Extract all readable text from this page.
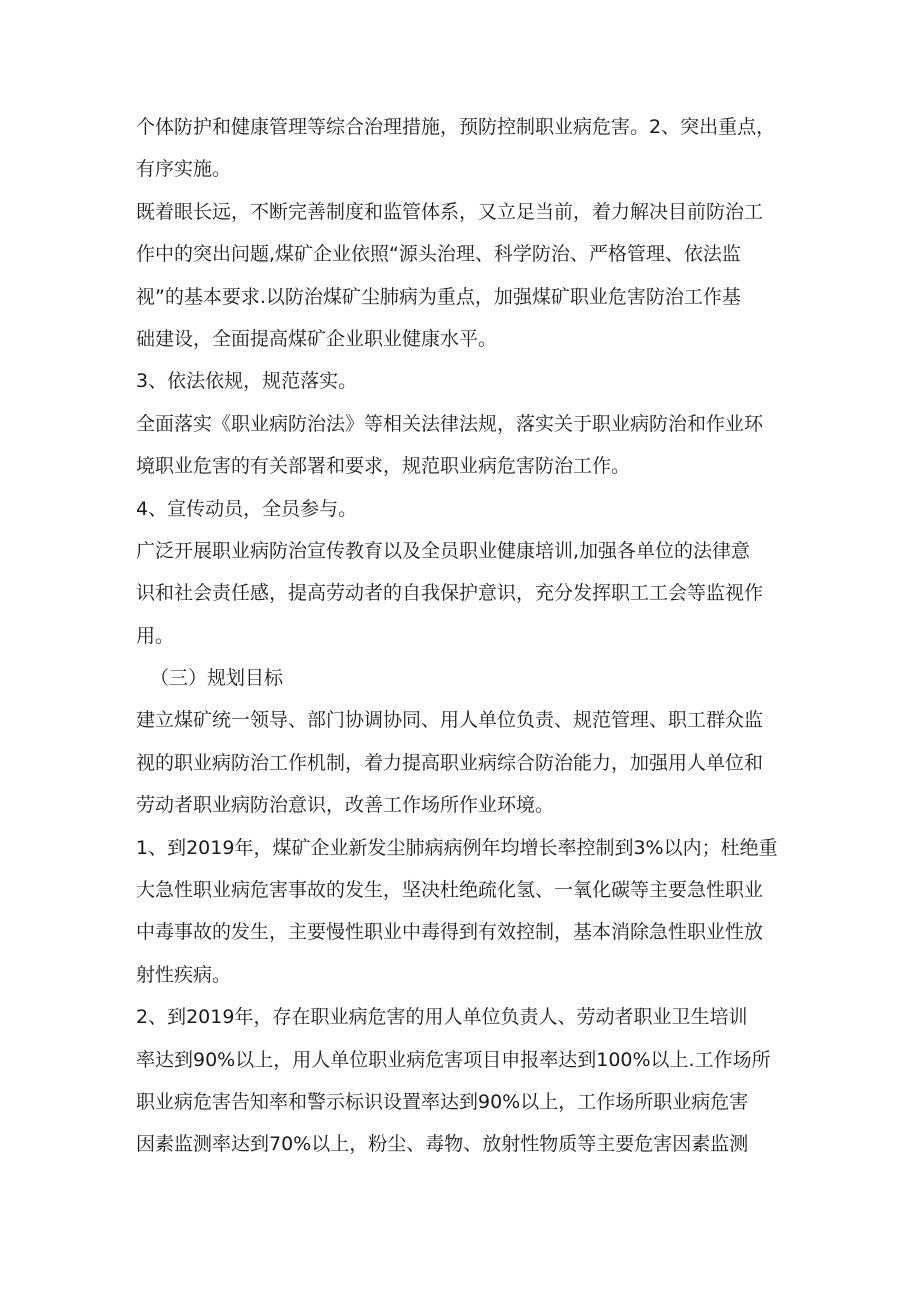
个体防护和健康管理等综合治理措施，预防控制职业病危害。2、突出重点，
有序实施。
既着眼长远，不断完善制度和监管体系，又立足当前，着力解决目前防治工
作中的突出问题,煤矿企业依照“源头治理、科学防治、严格管理、依法监
视”的基本要求.以防治煤矿尘肺病为重点，加强煤矿职业危害防治工作基
础建设，全面提高煤矿企业职业健康水平。
3、依法依规，规范落实。
全面落实《职业病防治法》等相关法律法规，落实关于职业病防治和作业环
境职业危害的有关部署和要求，规范职业病危害防治工作。
4、宣传动员，全员参与。
广泛开展职业病防治宣传教育以及全员职业健康培训,加强各单位的法律意
识和社会责任感，提高劳动者的自我保护意识，充分发挥职工工会等监视作
用。
（三）规划目标
建立煤矿统一领导、部门协调协同、用人单位负责、规范管理、职工群众监
视的职业病防治工作机制，着力提高职业病综合防治能力，加强用人单位和
劳动者职业病防治意识，改善工作场所作业环境。
1、到2019年，煤矿企业新发尘肺病病例年均增长率控制到3%以内；杜绝重
大急性职业病危害事故的发生，坚决杜绝疏化氢、一氧化碳等主要急性职业
中毒事故的发生，主要慢性职业中毒得到有效控制，基本消除急性职业性放
射性疾病。
2、到2019年，存在职业病危害的用人单位负责人、劳动者职业卫生培训
率达到90%以上，用人单位职业病危害项目申报率达到100%以上.工作场所
职业病危害告知率和警示标识设置率达到90%以上，工作场所职业病危害
因素监测率达到70%以上，粉尘、毒物、放射性物质等主要危害因素监测
